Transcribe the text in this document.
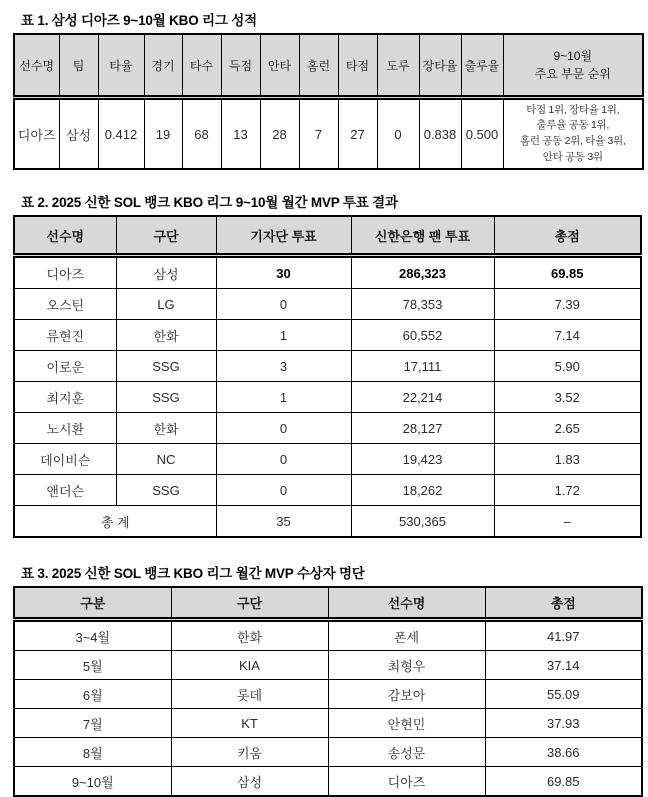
표 1. 삼성 디아즈 9~10월 KBO 리그 성적

선수명	팀	타율	경기	타수	득점	안타	홈런	타점	도루	장타율	출루율	9~10월
주요 부문 순위

디아즈	삼성	0.412	19	68	13	28	7	27	0	0.838	0.500	타점 1위, 장타율 1위,
출루율 공동 1위,
홈런 공동 2위, 타율 3위,
안타 공동 3위

표 2. 2025 신한 SOL 뱅크 KBO 리그 9~10월 월간 MVP 투표 결과

선수명	구단	기자단 투표	신한은행 팬 투표	총점
디아즈	삼성	30	286,323	69.85
오스틴	LG	0	78,353	7.39
류현진	한화	1	60,552	7.14
이로운	SSG	3	17,111	5.90
최지훈	SSG	1	22,214	3.52
노시환	한화	0	28,127	2.65
데이비슨	NC	0	19,423	1.83
앤더슨	SSG	0	18,262	1.72
총 계		35	530,365	–

표 3. 2025 신한 SOL 뱅크 KBO 리그 월간 MVP 수상자 명단

구분	구단	선수명	총점
3~4월	한화	폰세	41.97
5월	KIA	최형우	37.14
6월	롯데	감보아	55.09
7월	KT	안현민	37.93
8월	키움	송성문	38.66
9~10월	삼성	디아즈	69.85
